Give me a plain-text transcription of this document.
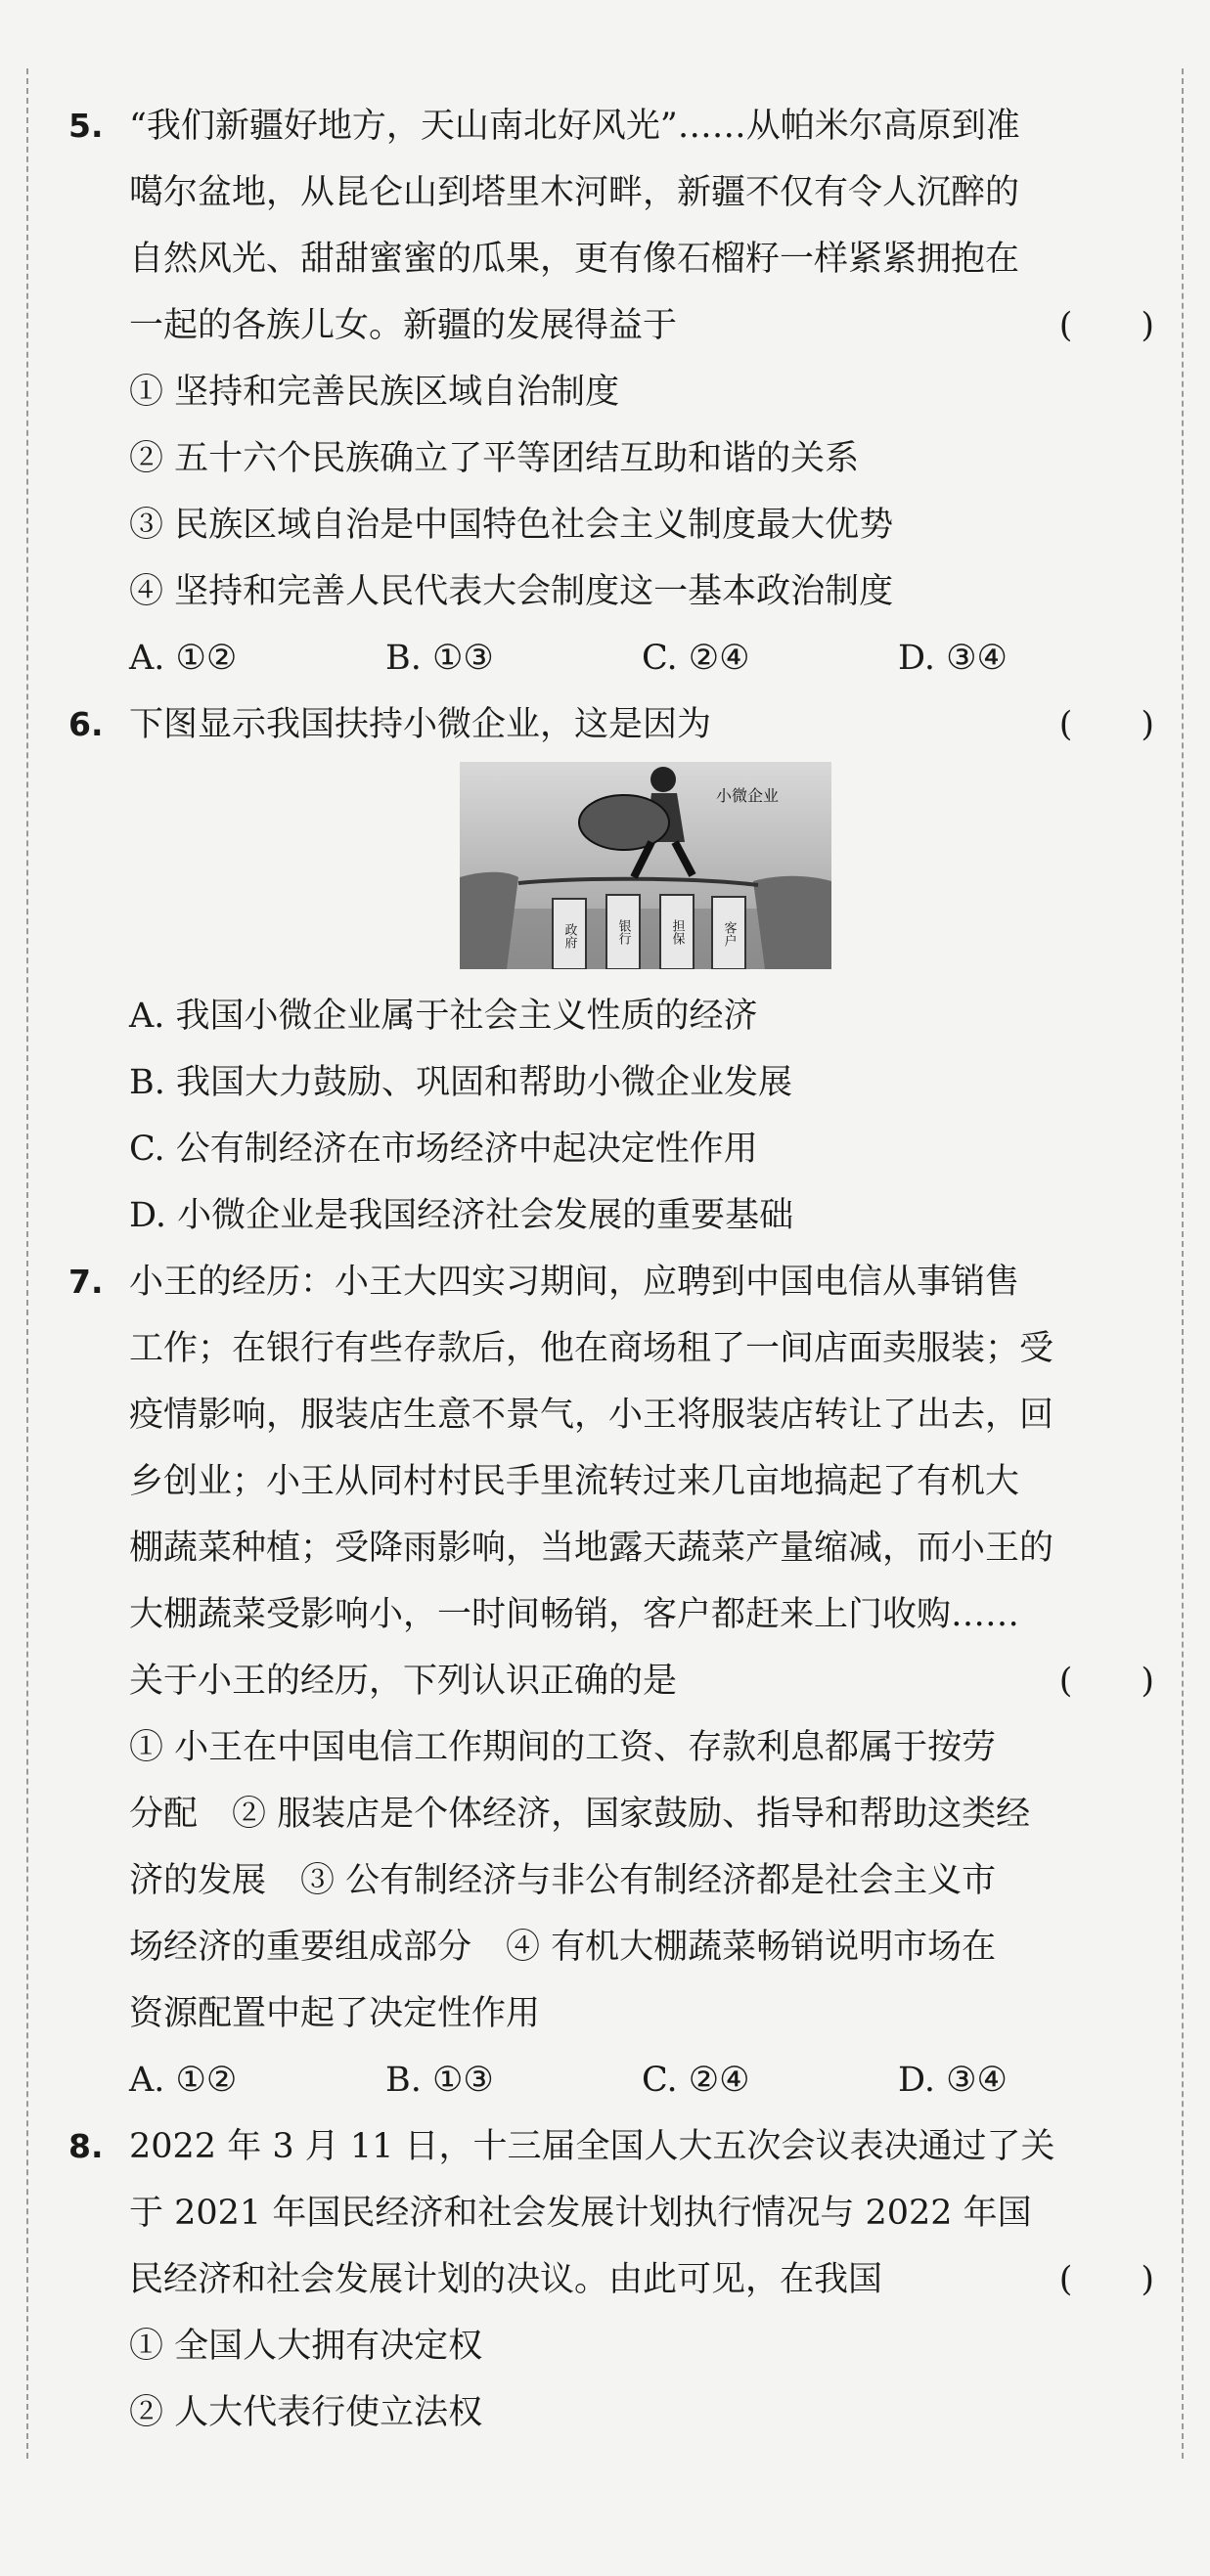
5. “我们新疆好地方，天山南北好风光”……从帕米尔高原到准
噶尔盆地，从昆仑山到塔里木河畔，新疆不仅有令人沉醉的
自然风光、甜甜蜜蜜的瓜果，更有像石榴籽一样紧紧拥抱在
一起的各族儿女。新疆的发展得益于	(　　)
① 坚持和完善民族区域自治制度
② 五十六个民族确立了平等团结互助和谐的关系
③ 民族区域自治是中国特色社会主义制度最大优势
④ 坚持和完善人民代表大会制度这一基本政治制度
A. ①②	B. ①③	C. ②④	D. ③④
6. 下图显示我国扶持小微企业，这是因为	(　　)
小微企业
政府	银行	担保	客户
A. 我国小微企业属于社会主义性质的经济
B. 我国大力鼓励、巩固和帮助小微企业发展
C. 公有制经济在市场经济中起决定性作用
D. 小微企业是我国经济社会发展的重要基础
7. 小王的经历：小王大四实习期间，应聘到中国电信从事销售
工作；在银行有些存款后，他在商场租了一间店面卖服装；受
疫情影响，服装店生意不景气，小王将服装店转让了出去，回
乡创业；小王从同村村民手里流转过来几亩地搞起了有机大
棚蔬菜种植；受降雨影响，当地露天蔬菜产量缩减，而小王的
大棚蔬菜受影响小，一时间畅销，客户都赶来上门收购……
关于小王的经历，下列认识正确的是	(　　)
① 小王在中国电信工作期间的工资、存款利息都属于按劳
分配　② 服装店是个体经济，国家鼓励、指导和帮助这类经
济的发展　③ 公有制经济与非公有制经济都是社会主义市
场经济的重要组成部分　④ 有机大棚蔬菜畅销说明市场在
资源配置中起了决定性作用
A. ①②	B. ①③	C. ②④	D. ③④
8. 2022 年 3 月 11 日，十三届全国人大五次会议表决通过了关
于 2021 年国民经济和社会发展计划执行情况与 2022 年国
民经济和社会发展计划的决议。由此可见，在我国	(　　)
① 全国人大拥有决定权
② 人大代表行使立法权
